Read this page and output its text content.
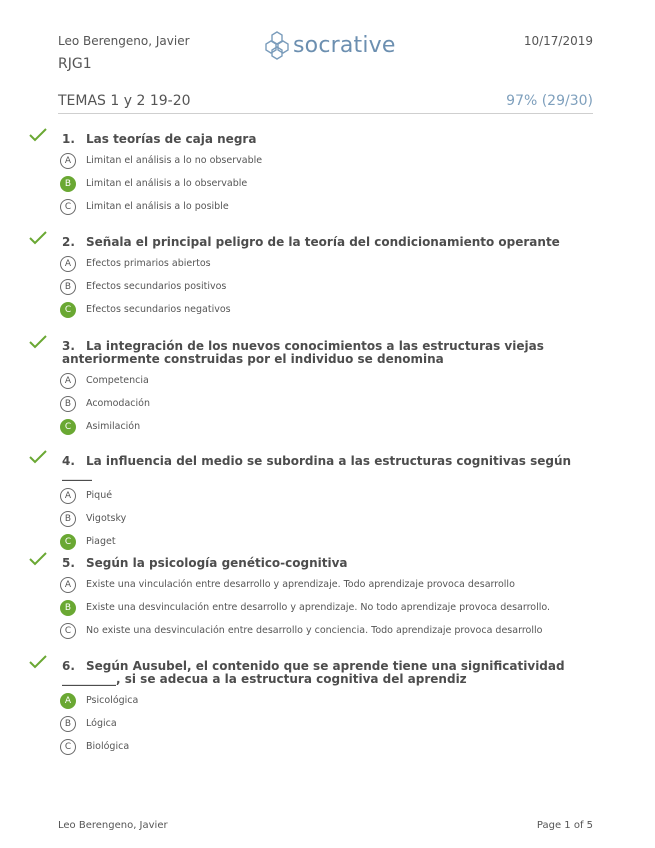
Leo Berengeno, Javier
RJG1
socrative	10/17/2019
TEMAS 1 y 2 19-20	97% (29/30)
1. Las teorías de caja negra
A	Limitan el análisis a lo no observable
B	Limitan el análisis a lo observable
C	Limitan el análisis a lo posible
2. Señala el principal peligro de la teoría del condicionamiento operante
A	Efectos primarios abiertos
B	Efectos secundarios positivos
C	Efectos secundarios negativos
3. La integración de los nuevos conocimientos a las estructuras viejas anteriormente construidas por el individuo se denomina
A	Competencia
B	Acomodación
C	Asimilación
4. La influencia del medio se subordina a las estructuras cognitivas según _____
A	Piqué
B	Vigotsky
C	Piaget
5. Según la psicología genético-cognitiva
A	Existe una vinculación entre desarrollo y aprendizaje. Todo aprendizaje provoca desarrollo
B	Existe una desvinculación entre desarrollo y aprendizaje. No todo aprendizaje provoca desarrollo.
C	No existe una desvinculación entre desarrollo y conciencia. Todo aprendizaje provoca desarrollo
6. Según Ausubel, el contenido que se aprende tiene una significatividad _________, si se adecua a la estructura cognitiva del aprendiz
A	Psicológica
B	Lógica
C	Biológica
Leo Berengeno, Javier	Page 1 of 5
